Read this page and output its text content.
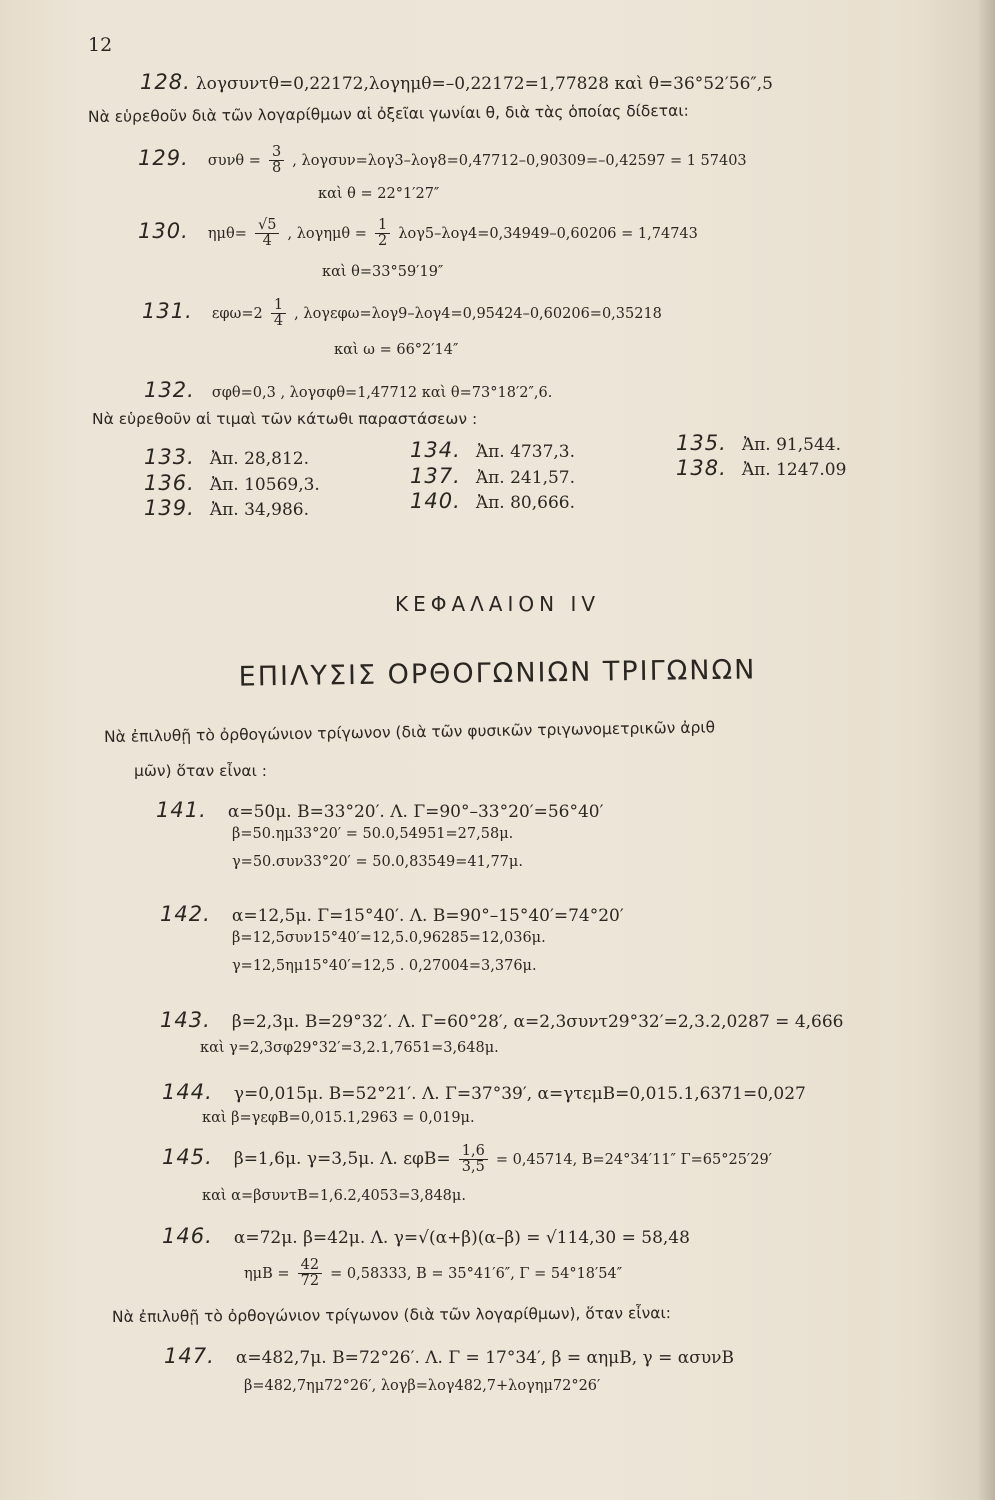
12
128. λογσυντθ=0,22172,λογημθ=–0,22172=1,77828 καὶ θ=36°52′56″,5
Νὰ εὑρεθοῦν διὰ τῶν λογαρίθμων αἱ ὀξεῖαι γωνίαι θ, διὰ τὰς ὁποίας δίδεται:
129. $\sigma\upsilon\nu\theta = \frac{3}{8}$ , λογσυν=λογ3–λογ8=0,47712–0,90309=–0,42597 = 1 57403
καὶ θ = 22°1′27″
130. $\eta\mu\theta= \frac{√5}{4}$ , $\lambda o\gamma\eta\mu\theta = \frac{1}{2} \lambda o\gamma 5-\lambda o\gamma 4=0,34949-0,60206 = 1,74743$
καὶ θ=33°59′19″
131. $\varepsilon\varphi\omega=2 \frac{1}{4}$ , λογεφω=λογ9–λογ4=0,95424–0,60206=0,35218
καὶ ω = 66°2′14″
132. σφθ=0,3 , λογσφθ=1,47712 καὶ θ=73°18′2″,6.
Νὰ εὑρεθοῦν αἱ τιμαὶ τῶν κάτωθι παραστάσεων :
133. Ἀπ. 28,812.	134. Ἀπ. 4737,3.	135. Ἀπ. 91,544.
136. Ἀπ. 10569,3.	137. Ἀπ. 241,57.	138. Ἀπ. 1247.09
139. Ἀπ. 34,986.	140. Ἀπ. 80,666.
ΚΕΦΑΛΑΙΟΝ IV
ΕΠΙΛΥΣΙΣ ΟΡΘΟΓΩΝΙΩΝ ΤΡΙΓΩΝΩΝ
Νὰ ἐπιλυθῇ τὸ ὀρθογώνιον τρίγωνον (διὰ τῶν φυσικῶν τριγωνομετρικῶν ἀριθ
μῶν) ὅταν εἶναι :
141. α=50μ. Β=33°20′. Λ. Γ=90°–33°20′=56°40′
β=50.ημ33°20′ = 50.0,54951=27,58μ.
γ=50.συν33°20′ = 50.0,83549=41,77μ.
142. α=12,5μ. Γ=15°40′. Λ. Β=90°–15°40′=74°20′
β=12,5συν15°40′=12,5.0,96285=12,036μ.
γ=12,5ημ15°40′=12,5 . 0,27004=3,376μ.
143. β=2,3μ. Β=29°32′. Λ. Γ=60°28′, α=2,3συντ29°32′=2,3.2,0287 = 4,666
καὶ γ=2,3σφ29°32′=3,2.1,7651=3,648μ.
144. γ=0,015μ. Β=52°21′. Λ. Γ=37°39′, α=γτεμΒ=0,015.1,6371=0,027
καὶ β=γεφΒ=0,015.1,2963 = 0,019μ.
145. β=1,6μ. γ=3,5μ. Λ. $\varepsilon\varphi B= \frac{1,6}{3,5} = 0,45714$, Β=24°34′11″ Γ=65°25′29′
καὶ α=βσυντΒ=1,6.2,4053=3,848μ.
146. α=72μ. β=42μ. Λ. γ=√(α+β)(α–β) = √114,30 = 58,48
$\eta\mu B = \frac{42}{72} = 0,58333$, Β = 35°41′6″, Γ = 54°18′54″
Νὰ ἐπιλυθῇ τὸ ὀρθογώνιον τρίγωνον (διὰ τῶν λογαρίθμων), ὅταν εἶναι:
147. α=482,7μ. Β=72°26′. Λ. Γ = 17°34′, β = αημΒ, γ = ασυνΒ
β=482,7ημ72°26′, λογβ=λογ482,7+λογημ72°26′
